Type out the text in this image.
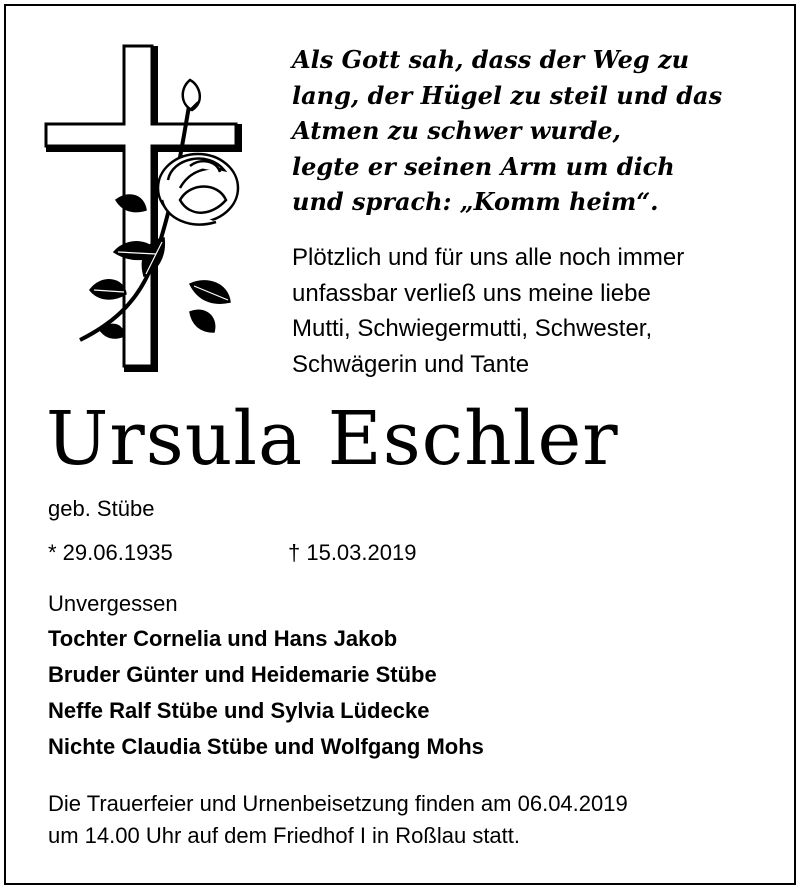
Als Gott sah, dass der Weg zu
lang, der Hügel zu steil und das
Atmen zu schwer wurde,
legte er seinen Arm um dich
und sprach: „Komm heim“.
Plötzlich und für uns alle noch immer
unfassbar verließ uns meine liebe
Mutti, Schwiegermutti, Schwester,
Schwägerin und Tante
Ursula Eschler
geb. Stübe
* 29.06.1935	† 15.03.2019
Unvergessen
Tochter Cornelia und Hans Jakob
Bruder Günter und Heidemarie Stübe
Neffe Ralf Stübe und Sylvia Lüdecke
Nichte Claudia Stübe und Wolfgang Mohs
Die Trauerfeier und Urnenbeisetzung finden am 06.04.2019
um 14.00 Uhr auf dem Friedhof I in Roßlau statt.
